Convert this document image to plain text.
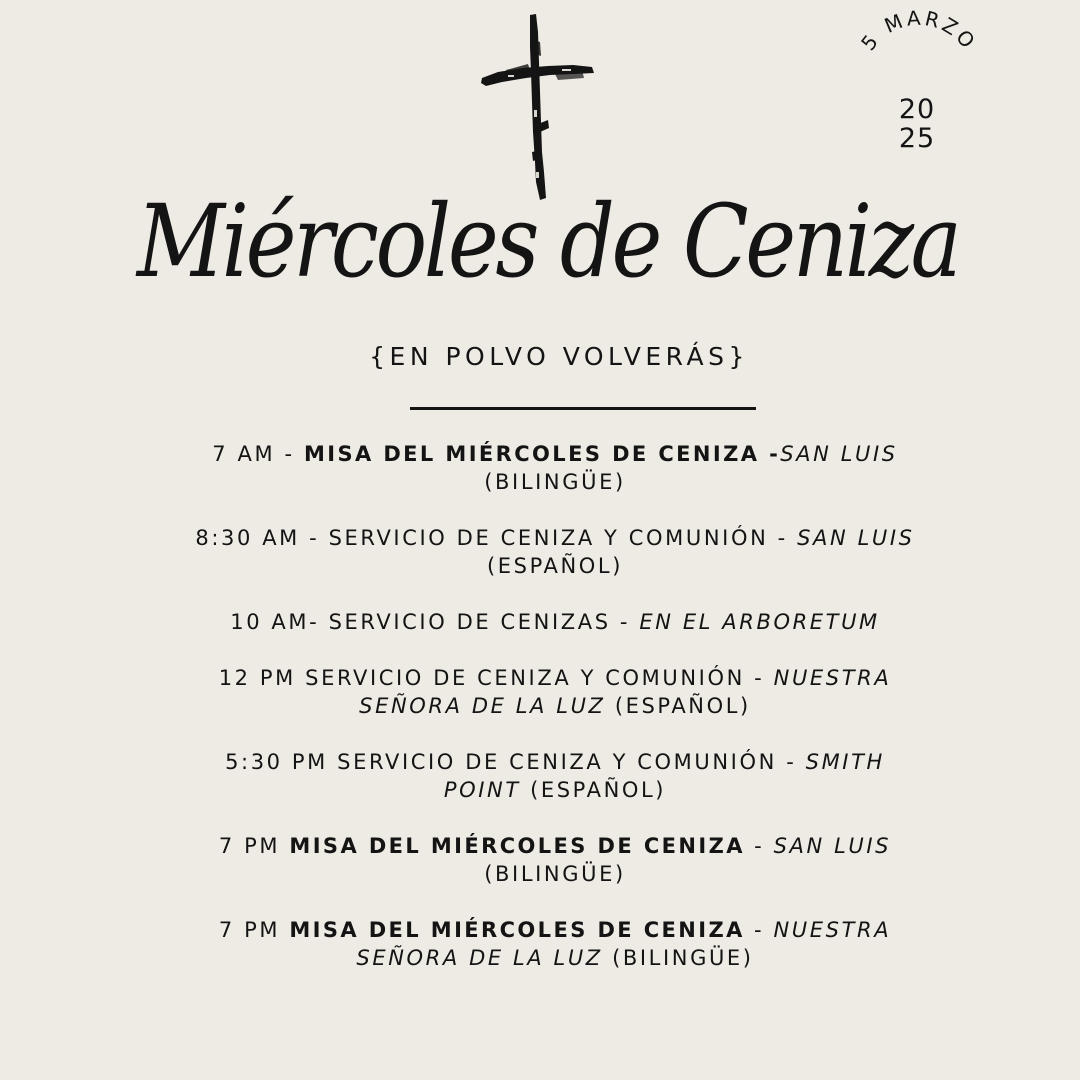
5 MARZO
20
25
Miércoles de Ceniza

{EN POLVO VOLVERÁS}

7 AM - MISA DEL MIÉRCOLES DE CENIZA -SAN LUIS
(BILINGÜE)
8:30 AM - SERVICIO DE CENIZA Y COMUNIÓN - SAN LUIS
(ESPAÑOL)
10 AM- SERVICIO DE CENIZAS - EN EL ARBORETUM
12 PM SERVICIO DE CENIZA Y COMUNIÓN - NUESTRA
SEÑORA DE LA LUZ (ESPAÑOL)
5:30 PM SERVICIO DE CENIZA Y COMUNIÓN - SMITH
POINT (ESPAÑOL)
7 PM MISA DEL MIÉRCOLES DE CENIZA - SAN LUIS
(BILINGÜE)
7 PM MISA DEL MIÉRCOLES DE CENIZA - NUESTRA
SEÑORA DE LA LUZ (BILINGÜE)
